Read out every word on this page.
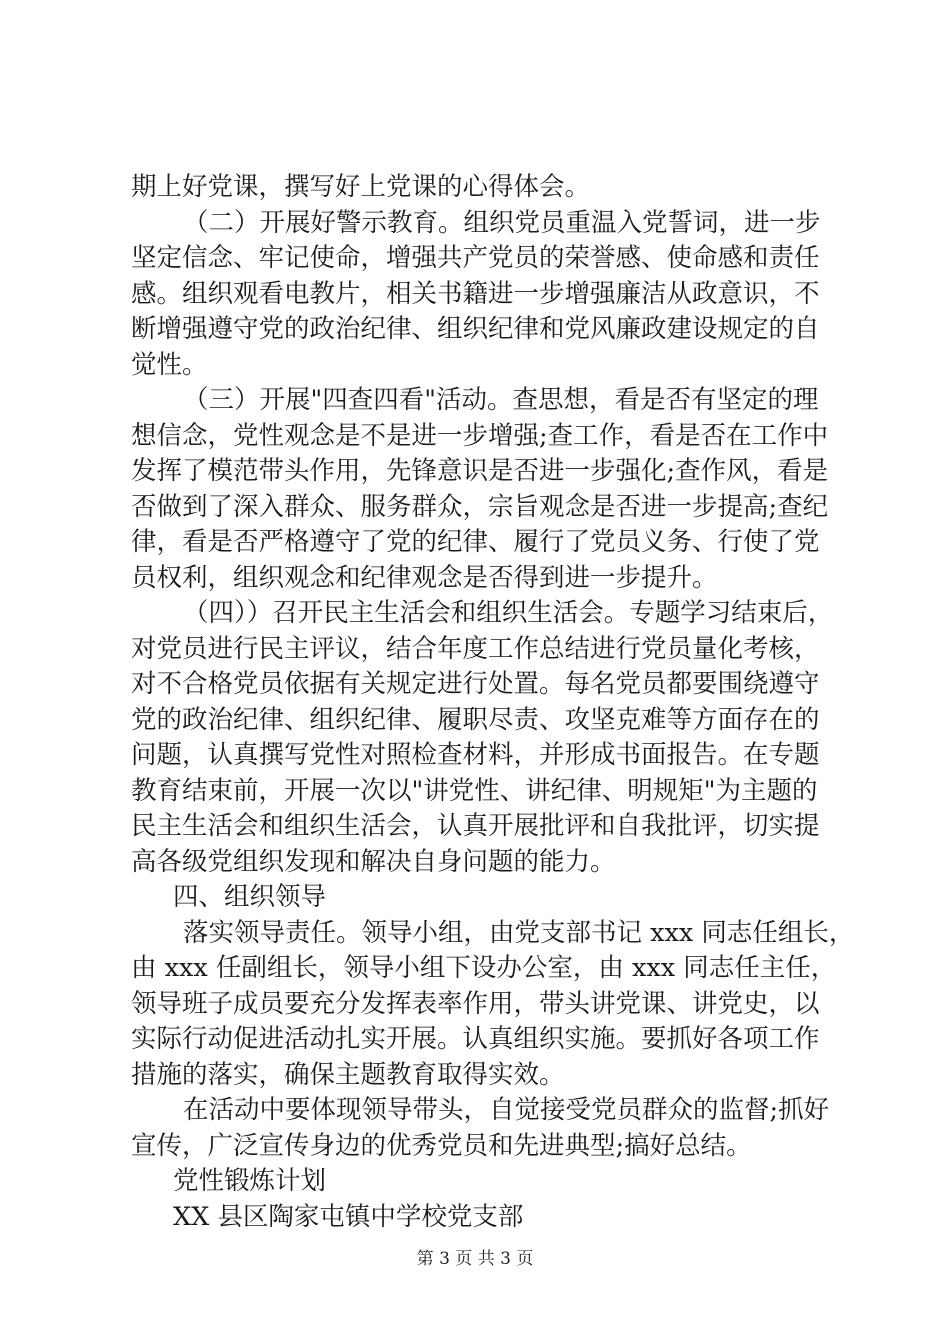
期上好党课，撰写好上党课的心得体会。
（二）开展好警示教育。组织党员重温入党誓词，进一步
坚定信念、牢记使命，增强共产党员的荣誉感、使命感和责任
感。组织观看电教片，相关书籍进一步增强廉洁从政意识，不
断增强遵守党的政治纪律、组织纪律和党风廉政建设规定的自
觉性。
（三）开展"四查四看"活动。查思想，看是否有坚定的理
想信念，党性观念是不是进一步增强;查工作，看是否在工作中
发挥了模范带头作用，先锋意识是否进一步强化;查作风，看是
否做到了深入群众、服务群众，宗旨观念是否进一步提高;查纪
律，看是否严格遵守了党的纪律、履行了党员义务、行使了党
员权利，组织观念和纪律观念是否得到进一步提升。
（四））召开民主生活会和组织生活会。专题学习结束后，
对党员进行民主评议，结合年度工作总结进行党员量化考核，
对不合格党员依据有关规定进行处置。每名党员都要围绕遵守
党的政治纪律、组织纪律、履职尽责、攻坚克难等方面存在的
问题，认真撰写党性对照检查材料，并形成书面报告。在专题
教育结束前，开展一次以"讲党性、讲纪律、明规矩"为主题的
民主生活会和组织生活会，认真开展批评和自我批评，切实提
高各级党组织发现和解决自身问题的能力。
四、组织领导
落实领导责任。领导小组，由党支部书记 xxx 同志任组长，
由 xxx 任副组长，领导小组下设办公室，由 xxx 同志任主任，
领导班子成员要充分发挥表率作用，带头讲党课、讲党史，以
实际行动促进活动扎实开展。认真组织实施。要抓好各项工作
措施的落实，确保主题教育取得实效。
在活动中要体现领导带头，自觉接受党员群众的监督;抓好
宣传，广泛宣传身边的优秀党员和先进典型;搞好总结。
党性锻炼计划
XX 县区陶家屯镇中学校党支部
第 3 页 共 3 页
